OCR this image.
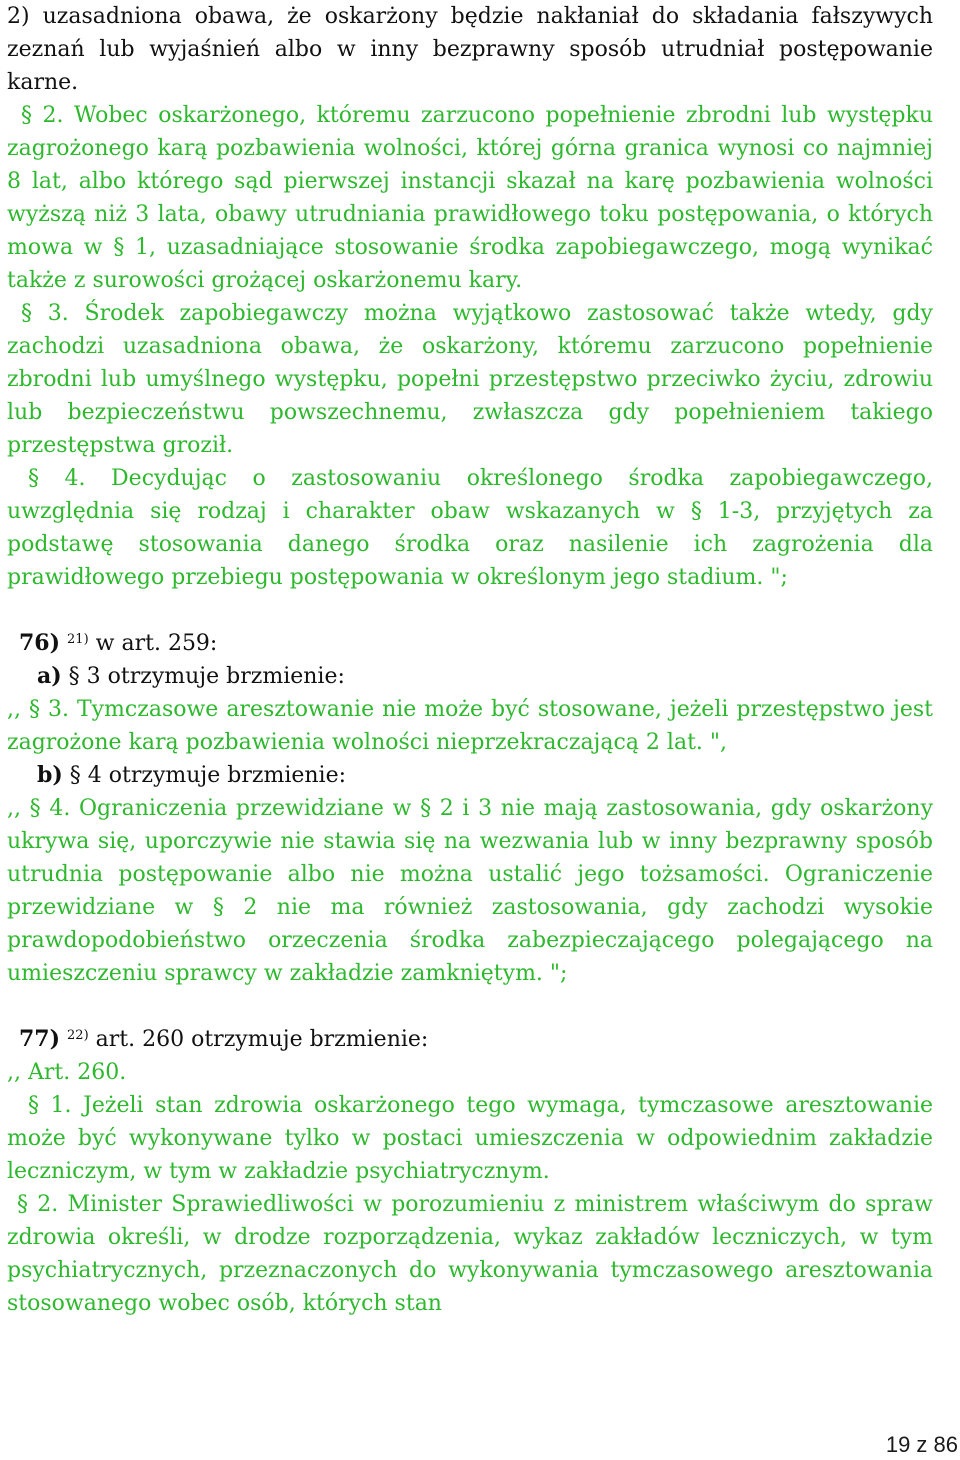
2) uzasadniona obawa, że oskarżony będzie nakłaniał do składania fałszywych zeznań lub wyjaśnień albo w inny bezprawny sposób utrudniał postępowanie karne.

§ 2. Wobec oskarżonego, któremu zarzucono popełnienie zbrodni lub występku zagrożonego karą pozbawienia wolności, której górna granica wynosi co najmniej 8 lat, albo którego sąd pierwszej instancji skazał na karę pozbawienia wolności wyższą niż 3 lata, obawy utrudniania prawidłowego toku postępowania, o których mowa w § 1, uzasadniające stosowanie środka zapobiegawczego, mogą wynikać także z surowości grożącej oskarżonemu kary.

§ 3. Środek zapobiegawczy można wyjątkowo zastosować także wtedy, gdy zachodzi uzasadniona obawa, że oskarżony, któremu zarzucono popełnienie zbrodni lub umyślnego występku, popełni przestępstwo przeciwko życiu, zdrowiu lub bezpieczeństwu powszechnemu, zwłaszcza gdy popełnieniem takiego przestępstwa groził.

§ 4. Decydując o zastosowaniu określonego środka zapobiegawczego, uwzględnia się rodzaj i charakter obaw wskazanych w § 1-3, przyjętych za podstawę stosowania danego środka oraz nasilenie ich zagrożenia dla prawidłowego przebiegu postępowania w określonym jego stadium. ";

76) $^{21)}$ w art. 259:

a) § 3 otrzymuje brzmienie:

,, § 3. Tymczasowe aresztowanie nie może być stosowane, jeżeli przestępstwo jest zagrożone karą pozbawienia wolności nieprzekraczającą 2 lat. ",

b) § 4 otrzymuje brzmienie:

,, § 4. Ograniczenia przewidziane w § 2 i 3 nie mają zastosowania, gdy oskarżony ukrywa się, uporczywie nie stawia się na wezwania lub w inny bezprawny sposób utrudnia postępowanie albo nie można ustalić jego tożsamości. Ograniczenie przewidziane w § 2 nie ma również zastosowania, gdy zachodzi wysokie prawdopodobieństwo orzeczenia środka zabezpieczającego polegającego na umieszczeniu sprawcy w zakładzie zamkniętym. ";

77) $^{22)}$ art. 260 otrzymuje brzmienie:

,, Art. 260.

§ 1. Jeżeli stan zdrowia oskarżonego tego wymaga, tymczasowe aresztowanie może być wykonywane tylko w postaci umieszczenia w odpowiednim zakładzie leczniczym, w tym w zakładzie psychiatrycznym.

§ 2. Minister Sprawiedliwości w porozumieniu z ministrem właściwym do spraw zdrowia określi, w drodze rozporządzenia, wykaz zakładów leczniczych, w tym psychiatrycznych, przeznaczonych do wykonywania tymczasowego aresztowania stosowanego wobec osób, których stan

19 z 86
